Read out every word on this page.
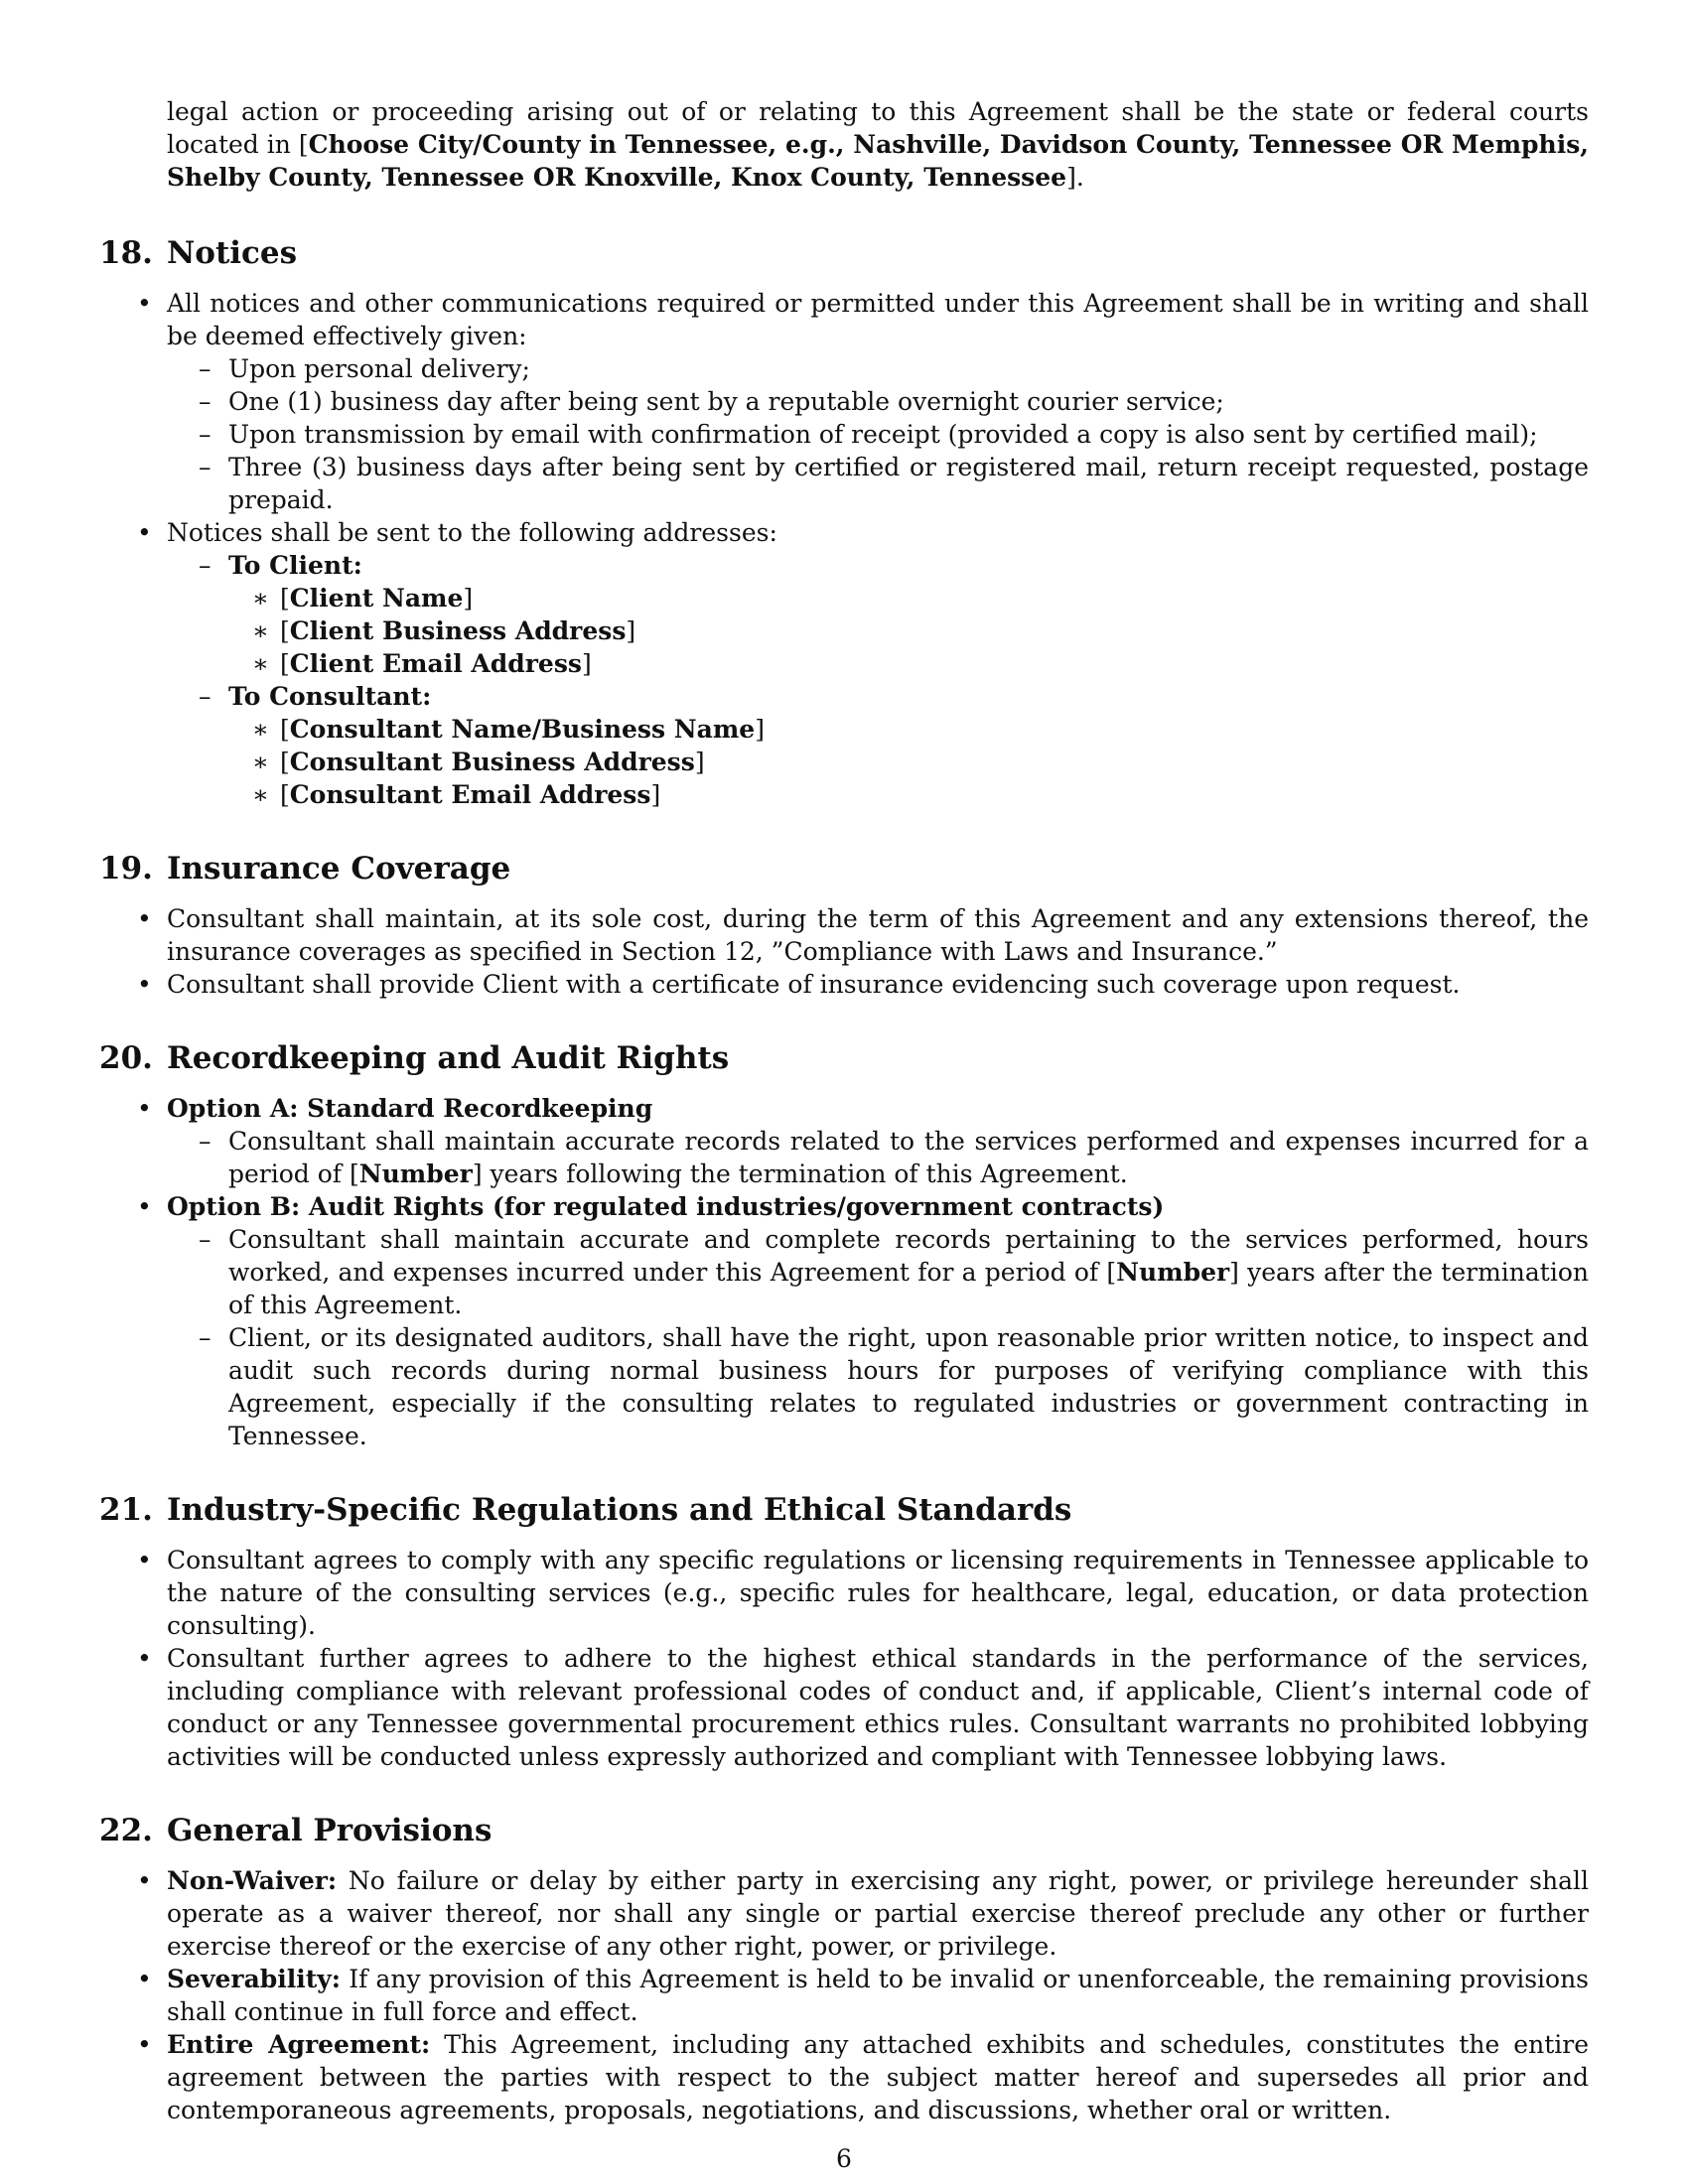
legal action or proceeding arising out of or relating to this Agreement shall be the state or federal courts located in [Choose City/County in Tennessee, e.g., Nashville, Davidson County, Tennessee OR Memphis, Shelby County, Tennessee OR Knoxville, Knox County, Tennessee].
18. Notices
• All notices and other communications required or permitted under this Agreement shall be in writing and shall be deemed effectively given:
– Upon personal delivery;
– One (1) business day after being sent by a reputable overnight courier service;
– Upon transmission by email with confirmation of receipt (provided a copy is also sent by certified mail);
– Three (3) business days after being sent by certified or registered mail, return receipt requested, postage prepaid.
• Notices shall be sent to the following addresses:
– To Client:
∗ [Client Name]
∗ [Client Business Address]
∗ [Client Email Address]
– To Consultant:
∗ [Consultant Name/Business Name]
∗ [Consultant Business Address]
∗ [Consultant Email Address]
19. Insurance Coverage
• Consultant shall maintain, at its sole cost, during the term of this Agreement and any extensions thereof, the insurance coverages as specified in Section 12, ”Compliance with Laws and Insurance.”
• Consultant shall provide Client with a certificate of insurance evidencing such coverage upon request.
20. Recordkeeping and Audit Rights
• Option A: Standard Recordkeeping
– Consultant shall maintain accurate records related to the services performed and expenses incurred for a period of [Number] years following the termination of this Agreement.
• Option B: Audit Rights (for regulated industries/government contracts)
– Consultant shall maintain accurate and complete records pertaining to the services performed, hours worked, and expenses incurred under this Agreement for a period of [Number] years after the termination of this Agreement.
– Client, or its designated auditors, shall have the right, upon reasonable prior written notice, to inspect and audit such records during normal business hours for purposes of verifying compliance with this Agreement, especially if the consulting relates to regulated industries or government contracting in Tennessee.
21. Industry-Specific Regulations and Ethical Standards
• Consultant agrees to comply with any specific regulations or licensing requirements in Tennessee applicable to the nature of the consulting services (e.g., specific rules for healthcare, legal, education, or data protection consulting).
• Consultant further agrees to adhere to the highest ethical standards in the performance of the services, including compliance with relevant professional codes of conduct and, if applicable, Client’s internal code of conduct or any Tennessee governmental procurement ethics rules. Consultant warrants no prohibited lobbying activities will be conducted unless expressly authorized and compliant with Tennessee lobbying laws.
22. General Provisions
• Non-Waiver: No failure or delay by either party in exercising any right, power, or privilege hereunder shall operate as a waiver thereof, nor shall any single or partial exercise thereof preclude any other or further exercise thereof or the exercise of any other right, power, or privilege.
• Severability: If any provision of this Agreement is held to be invalid or unenforceable, the remaining provisions shall continue in full force and effect.
• Entire Agreement: This Agreement, including any attached exhibits and schedules, constitutes the entire agreement between the parties with respect to the subject matter hereof and supersedes all prior and contemporaneous agreements, proposals, negotiations, and discussions, whether oral or written.
6
